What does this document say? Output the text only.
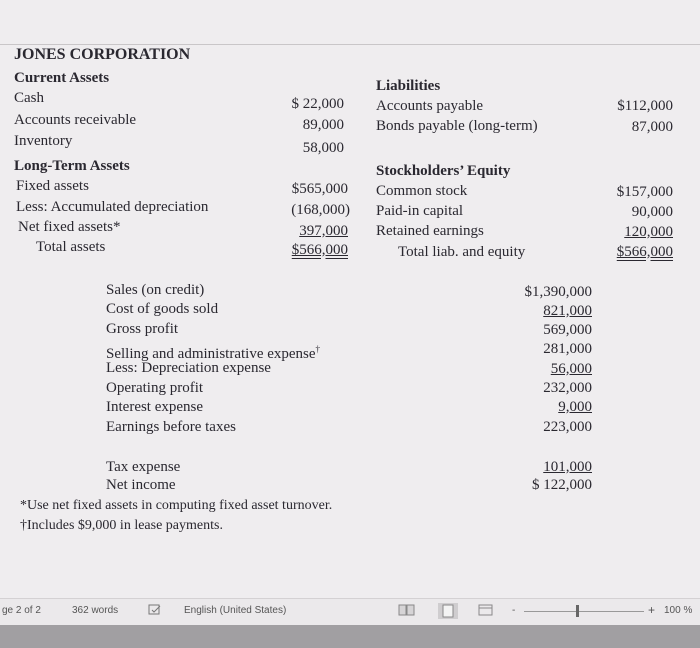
JONES CORPORATION
Current Assets
Cash	$ 22,000
Accounts receivable	89,000
Inventory	58,000
Long-Term Assets
Fixed assets	$565,000
Less: Accumulated depreciation	(168,000)
Net fixed assets*	397,000
Total assets	$566,000
Liabilities
Accounts payable	$112,000
Bonds payable (long-term)	87,000
Stockholders’ Equity
Common stock	$157,000
Paid-in capital	90,000
Retained earnings	120,000
Total liab. and equity	$566,000
Sales (on credit)	$1,390,000
Cost of goods sold	821,000
Gross profit	569,000
Selling and administrative expense†	281,000
Less: Depreciation expense	56,000
Operating profit	232,000
Interest expense	9,000
Earnings before taxes	223,000
Tax expense	101,000
Net income	$ 122,000
*Use net fixed assets in computing fixed asset turnover.
†Includes $9,000 in lease payments.
ge 2 of 2	362 words	English (United States)	-	+ 100 %
